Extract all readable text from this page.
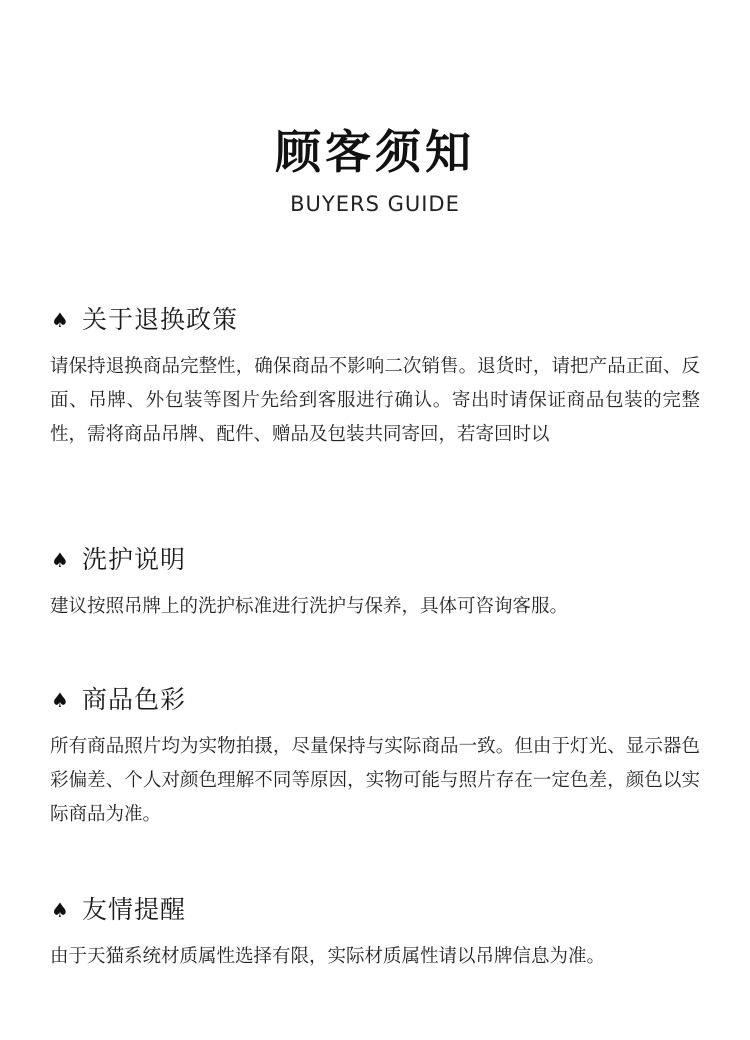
顾客须知
BUYERS GUIDE
♠ 关于退换政策
请保持退换商品完整性，确保商品不影响二次销售。退货时，请把产品正面、反面、吊牌、外包装等图片先给到客服进行确认。寄出时请保证商品包装的完整性，需将商品吊牌、配件、赠品及包装共同寄回，若寄回时以
♠ 洗护说明
建议按照吊牌上的洗护标准进行洗护与保养，具体可咨询客服。
♠ 商品色彩
所有商品照片均为实物拍摄，尽量保持与实际商品一致。但由于灯光、显示器色彩偏差、个人对颜色理解不同等原因，实物可能与照片存在一定色差，颜色以实际商品为准。
♠ 友情提醒
由于天猫系统材质属性选择有限，实际材质属性请以吊牌信息为准。
